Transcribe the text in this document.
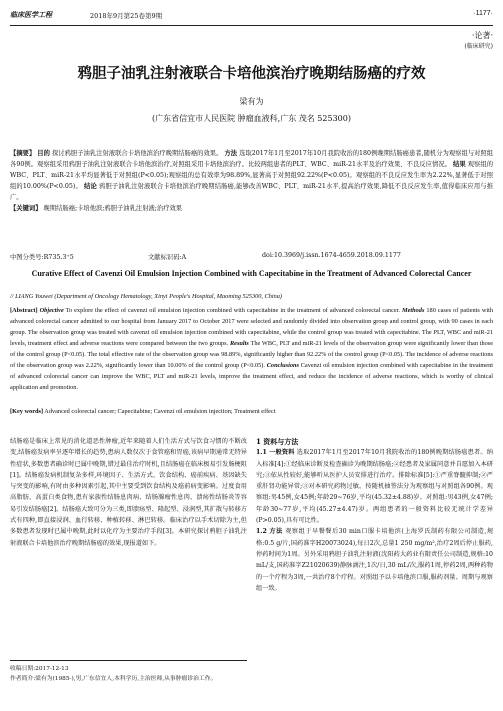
临床医学工程	2018年9月第25卷第9期	·1177·
·论著·
(临床研究)
鸦胆子油乳注射液联合卡培他滨治疗晚期结肠癌的疗效
梁有为
(广东省信宜市人民医院 肿瘤血液科,广东 茂名 525300)
【摘要】 目的 探讨鸦胆子油乳注射液联合卡培他滨治疗晚期结肠癌的效果。 方法 选取2017年1月至2017年10月我院收治的180例晚期结肠癌患者,随机分为观察组与对照组各90例。观察组采用鸦胆子油乳注射液联合卡培他滨治疗,对照组采用卡培他滨治疗。比较两组患者的PLT、WBC、miR-21水平及治疗效果、不良反应情况。 结果 观察组的WBC、PLT、miR-21水平均显著低于对照组(P<0.05);观察组的总有效率为98.89%,显著高于对照组92.22%(P<0.05)。观察组的不良反应发生率为2.22%,显著低于对照组的10.00%(P<0.05)。 结论 鸦胆子油乳注射液联合卡培他滨治疗晚期结肠癌,能够改善WBC、PLT、miR-21水平,提高治疗效果,降低不良反应发生率,值得临床应用与推广。
【关键词】 晚期结肠癌;卡培他滨;鸦胆子油乳注射液;治疗效果
中图分类号:R735.3⁺5	文献标识码:A	doi:10.3969/j.issn.1674-4659.2018.09.1177
Curative Effect of Cavenzi Oil Emulsion Injection Combined with Capecitabine in the Treatment of Advanced Colorectal Cancer
// LIANG Youwei (Department of Oncology Hematology, Xinyi People's Hospital, Maoming 525300, China)
[Abstract] Objective To explore the effect of cavenzi oil emulsion injection combined with capecitabine in the treatment of advanced colorectal cancer. Methods 180 cases of patients with advanced colorectal cancer admitted to our hospital from January 2017 to October 2017 were selected and randomly divided into observation group and control group, with 90 cases in each group. The observation group was treated with cavenzi oil emulsion injection combined with capecitabine, while the control group was treated with capecitabine. The PLT, WBC and miR-21 levels, treatment effect and adverse reactions were compared between the two groups. Results The WBC, PLT and miR-21 levels of the observation group were significantly lower than those of the control group (P<0.05). The total effective rate of the observation group was 98.89%, significantly higher than 92.22% of the control group (P<0.05). The incidence of adverse reactions of the observation group was 2.22%, significantly lower than 10.00% of the control group (P<0.05). Conclusions Cavenzi oil emulsion injection combined with capecitabine in the treatment of advanced colorectal cancer can improve the WBC, PLT and miR-21 levels, improve the treatment effect, and reduce the incidence of adverse reactions, which is worthy of clinical application and promotion.
[Key words] Advanced colorectal cancer; Capecitabine; Cavenzi oil emulsion injection; Treatment effect
结肠癌是临床上常见的消化道恶性肿瘤,近年来随着人们生活方式与饮食习惯的不断改变,结肠癌发病率呈逐年增长的趋势,患病人数仅次于食管癌和胃癌,该病早期通常无特异性症状,多数患者确诊时已属中晚期,错过最佳治疗时机,且结肠癌在临床极易引发肠梗阻[1]。结肠癌发病机制复杂多样,环境因子、生活方式、饮食结构、癌前疾病、基因缺失与突变的影响,有时由多种因素引起,其中主要受到饮食结构及癌前病变影响。过度食用高脂肪、高蛋白类食物,患有家族性结肠息肉病、结肠腺瘤性息肉、溃疡性结肠炎等容易引发结肠癌[2]。结肠癌大致可分为三类,即溃疡型、隆起型、浸润型,其扩散与转移方式有四种,即直接浸润、血行转移、种植转移、淋巴转移。临床治疗以手术切除为主,但多数患者发现时已属中晚期,此时以化疗为主要治疗手段[3]。本研究探讨鸦胆子油乳注射液联合卡培他滨治疗晚期结肠癌的效果,现报道如下。
1 资料与方法
1.1 一般资料 选取2017年1月至2017年10月我院收治的180例晚期结肠癌患者。纳入标准[4]:①经临床诊断及检查确诊为晚期结肠癌;②经患者及家属同意并自愿加入本研究;③依从性较好,能够听从医护人员安排进行治疗。排除标准[5]:①严重脊髓抑制;②严重肝肾功能异常;③对本研究药物过敏。按随机抽签法分为观察组与对照组各90例。观察组:男45例,女45例;年龄29~76岁,平均(45.32±4.88)岁。对照组:男43例,女47例;年龄30~77岁,平均(45.27±4.47)岁。两组患者的一般资料比较无统计学差异(P>0.05),具有可比性。
1.2 方法 观察组于早餐餐后30 min口服卡培他滨(上海罗氏制药有限公司制造,规格:0.5 g/片,国药准字H20073024),每日2次,总量1 250 mg/m²,治疗2周后停止服药,停药时间为1周。另外采用鸦胆子油乳注射液(沈阳药大药业有限责任公司制造,规格:10 mL/支,国药准字Z21020639)静脉滴注,1次/日,30 mL/次,服药1周,停药2周,两种药物的一个疗程为3周,一共治疗8个疗程。对照组予以卡培他滨口服,服药剂量、周期与观察组一致。
收稿日期:2017-12-13
作者简介:梁有为(1985-),男,广东信宜人,本科学历,主治医师,从事肿瘤诊治工作。
